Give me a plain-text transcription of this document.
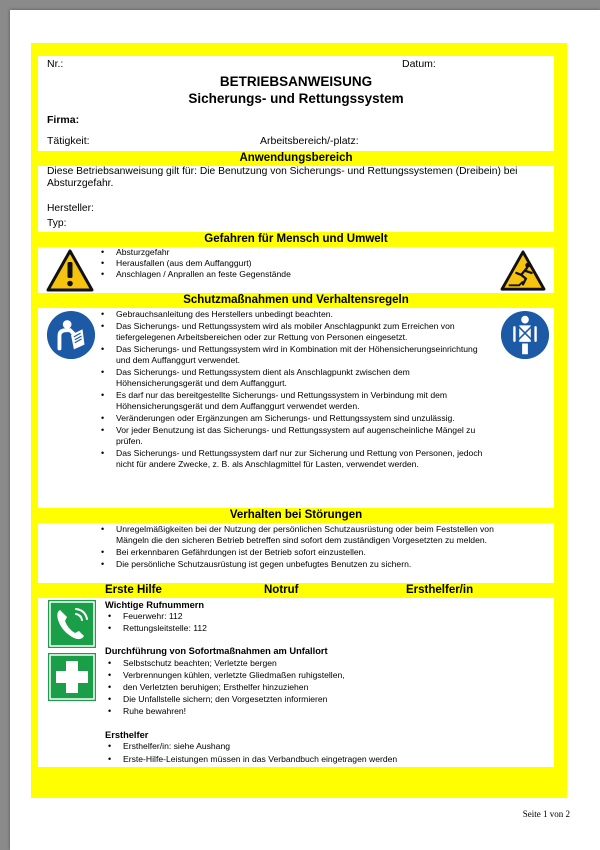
Nr.:	Datum:
BETRIEBSANWEISUNG
Sicherungs- und Rettungssystem
Firma:
Tätigkeit:	Arbeitsbereich/-platz:
Anwendungsbereich
Diese Betriebsanweisung gilt für: Die Benutzung von Sicherungs- und Rettungssystemen (Dreibein) bei Absturzgefahr.
Hersteller:
Typ:
Gefahren für Mensch und Umwelt
• Absturzgefahr
• Herausfallen (aus dem Auffanggurt)
• Anschlagen / Anprallen an feste Gegenstände
Schutzmaßnahmen und Verhaltensregeln
• Gebrauchsanleitung des Herstellers unbedingt beachten.
• Das Sicherungs- und Rettungssystem wird als mobiler Anschlagpunkt zum Erreichen von tiefergelegenen Arbeitsbereichen oder zur Rettung von Personen eingesetzt.
• Das Sicherungs- und Rettungssystem wird in Kombination mit der Höhensicherungseinrichtung und dem Auffanggurt verwendet.
• Das Sicherungs- und Rettungssystem dient als Anschlagpunkt zwischen dem Höhensicherungsgerät und dem Auffanggurt.
• Es darf nur das bereitgestellte Sicherungs- und Rettungssystem in Verbindung mit dem Höhensicherungsgerät und dem Auffanggurt verwendet werden.
• Veränderungen oder Ergänzungen am Sicherungs- und Rettungssystem sind unzulässig.
• Vor jeder Benutzung ist das Sicherungs- und Rettungssystem auf augenscheinliche Mängel zu prüfen.
• Das Sicherungs- und Rettungssystem darf nur zur Sicherung und Rettung von Personen, jedoch nicht für andere Zwecke, z. B. als Anschlagmittel für Lasten, verwendet werden.
Verhalten bei Störungen
• Unregelmäßigkeiten bei der Nutzung der persönlichen Schutzausrüstung oder beim Feststellen von Mängeln die den sicheren Betrieb betreffen sind sofort dem zuständigen Vorgesetzten zu melden.
• Bei erkennbaren Gefährdungen ist der Betrieb sofort einzustellen.
• Die persönliche Schutzausrüstung ist gegen unbefugtes Benutzen zu sichern.
Erste Hilfe	Notruf	Ersthelfer/in
Wichtige Rufnummern
• Feuerwehr: 112
• Rettungsleitstelle: 112
Durchführung von Sofortmaßnahmen am Unfallort
• Selbstschutz beachten; Verletzte bergen
• Verbrennungen kühlen, verletzte Gliedmaßen ruhigstellen,
• den Verletzten beruhigen; Ersthelfer hinzuziehen
• Die Unfallstelle sichern; den Vorgesetzten informieren
• Ruhe bewahren!
Ersthelfer
• Ersthelfer/in: siehe Aushang
• Erste-Hilfe-Leistungen müssen in das Verbandbuch eingetragen werden
Seite 1 von 2
